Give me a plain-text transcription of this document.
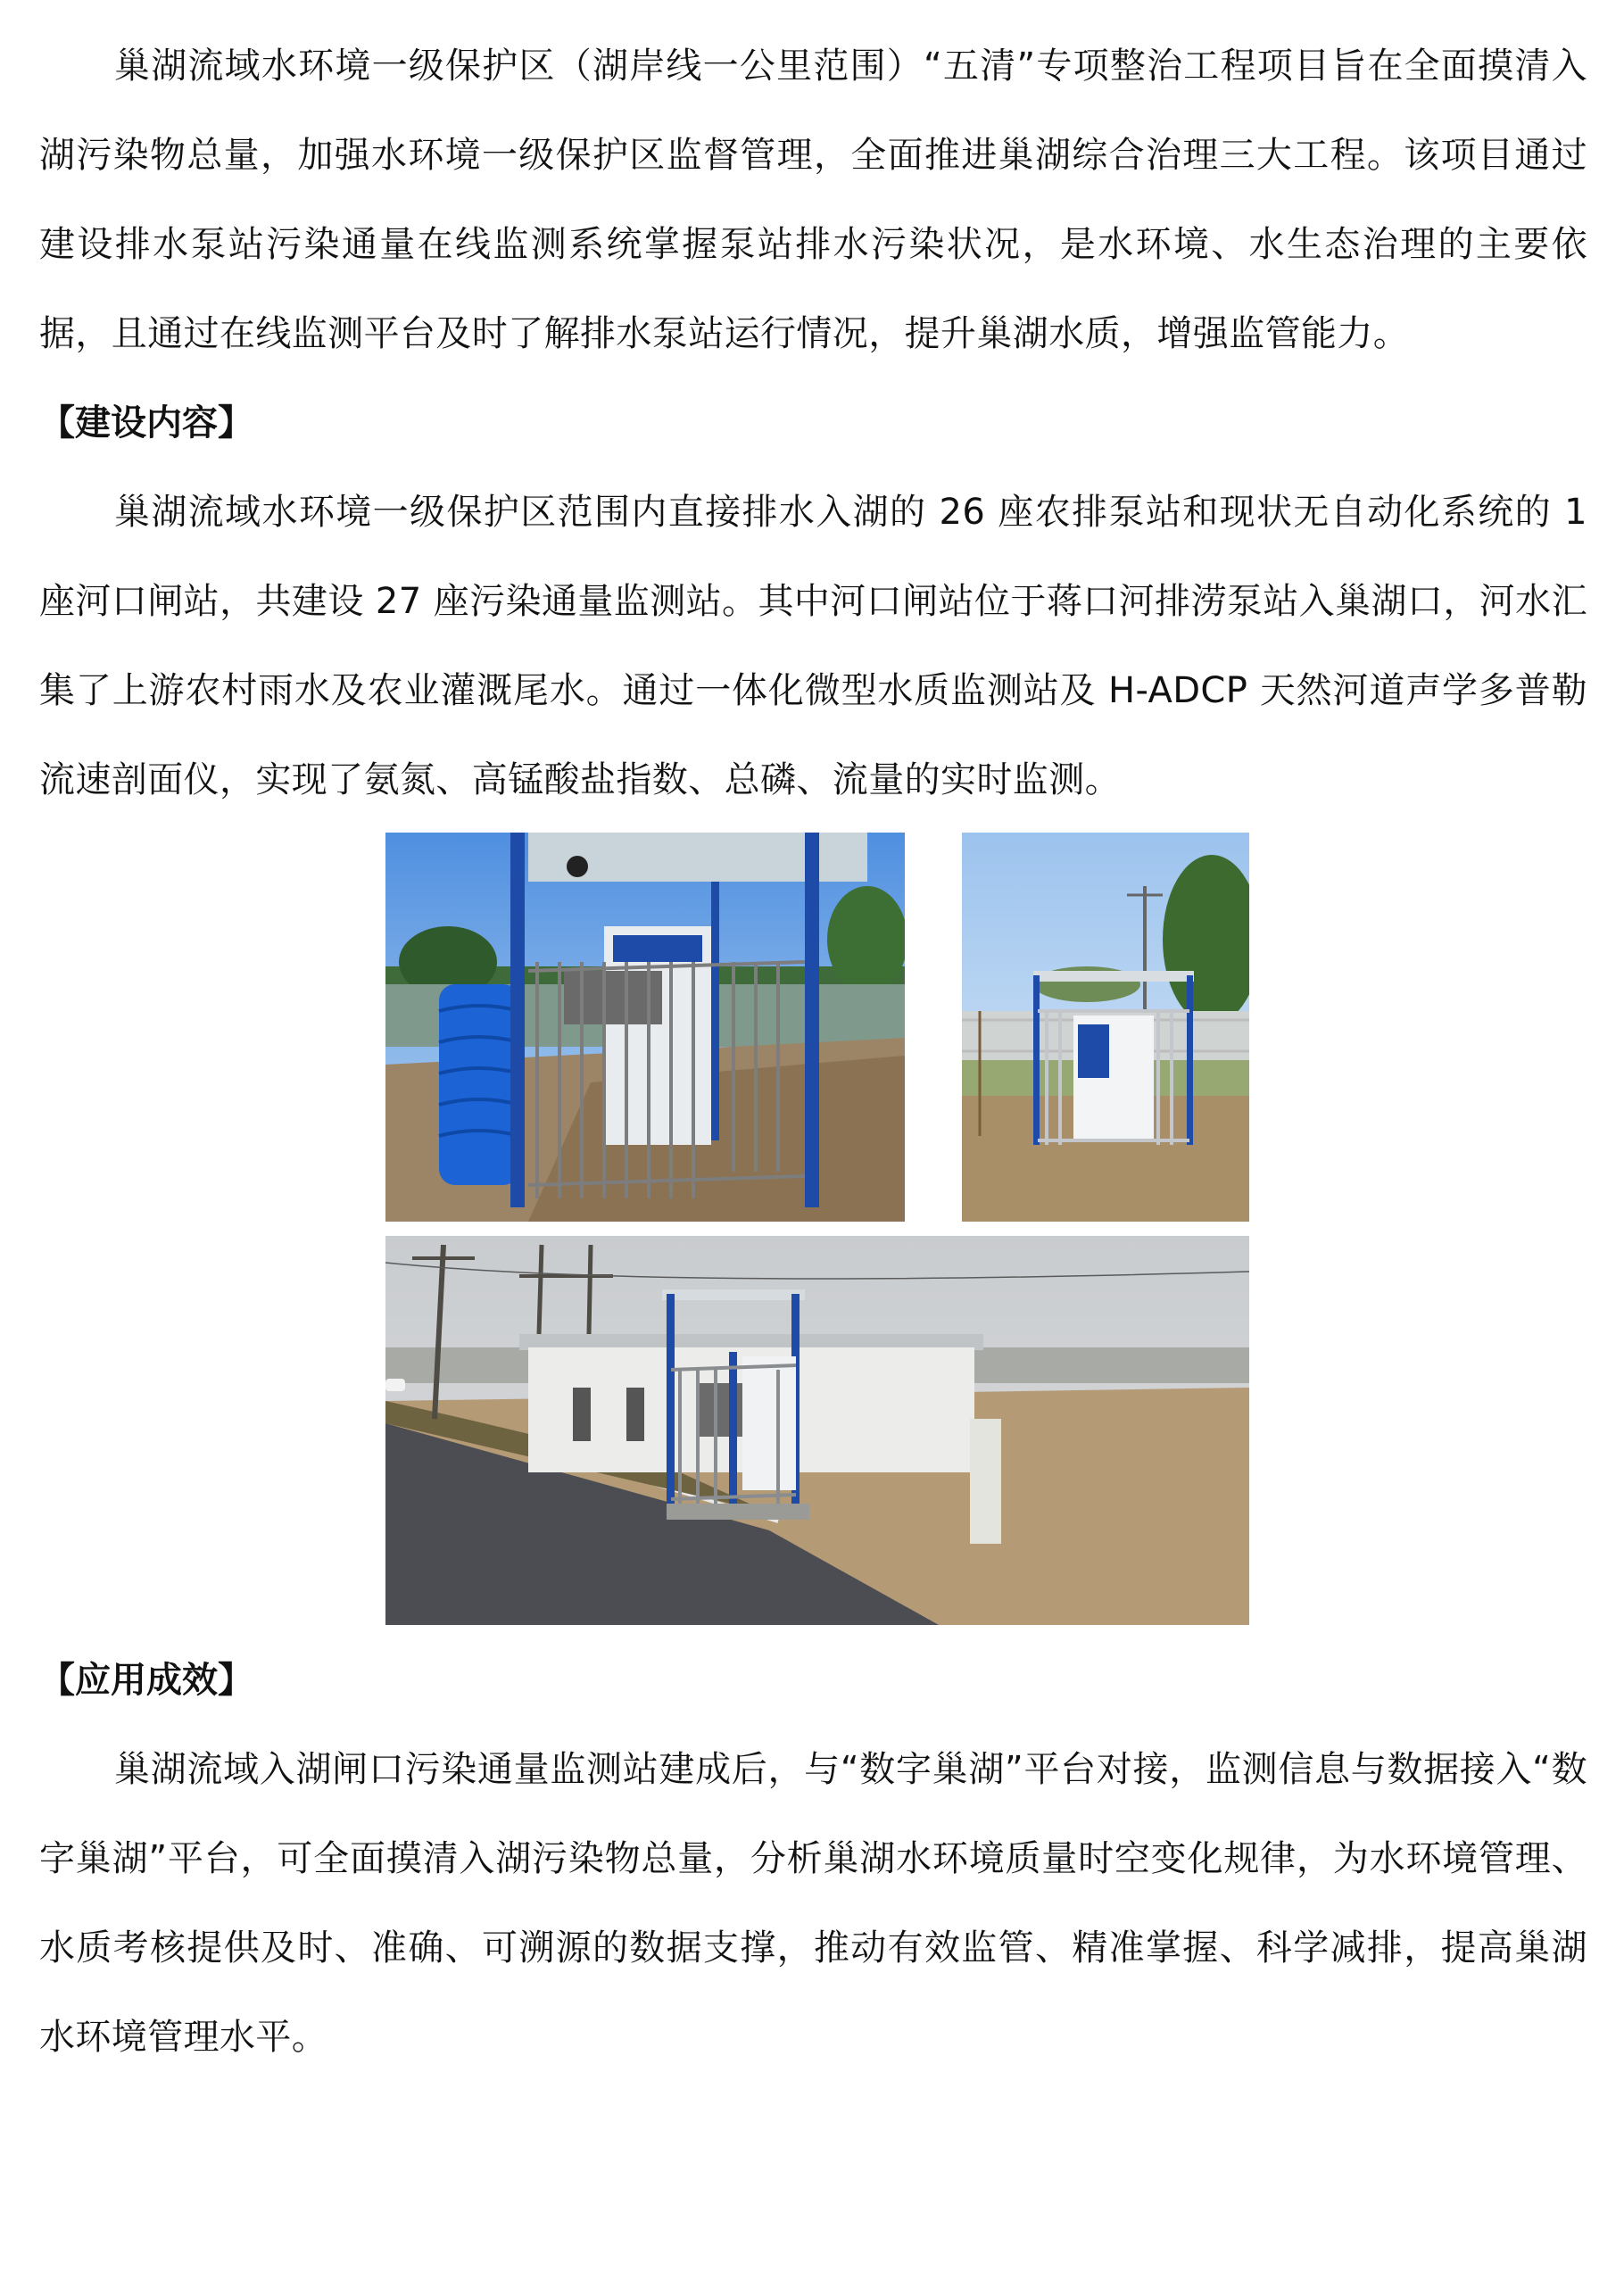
巢湖流域水环境一级保护区（湖岸线一公里范围）“五清”专项整治工程项目旨在全面摸清入湖污染物总量，加强水环境一级保护区监督管理，全面推进巢湖综合治理三大工程。该项目通过建设排水泵站污染通量在线监测系统掌握泵站排水污染状况，是水环境、水生态治理的主要依据，且通过在线监测平台及时了解排水泵站运行情况，提升巢湖水质，增强监管能力。

【建设内容】

巢湖流域水环境一级保护区范围内直接排水入湖的 26 座农排泵站和现状无自动化系统的 1 座河口闸站，共建设 27 座污染通量监测站。其中河口闸站位于蒋口河排涝泵站入巢湖口，河水汇集了上游农村雨水及农业灌溉尾水。通过一体化微型水质监测站及 H-ADCP 天然河道声学多普勒流速剖面仪，实现了氨氮、高锰酸盐指数、总磷、流量的实时监测。

【应用成效】

巢湖流域入湖闸口污染通量监测站建成后，与“数字巢湖”平台对接，监测信息与数据接入“数字巢湖”平台，可全面摸清入湖污染物总量，分析巢湖水环境质量时空变化规律，为水环境管理、水质考核提供及时、准确、可溯源的数据支撑，推动有效监管、精准掌握、科学减排，提高巢湖水环境管理水平。
